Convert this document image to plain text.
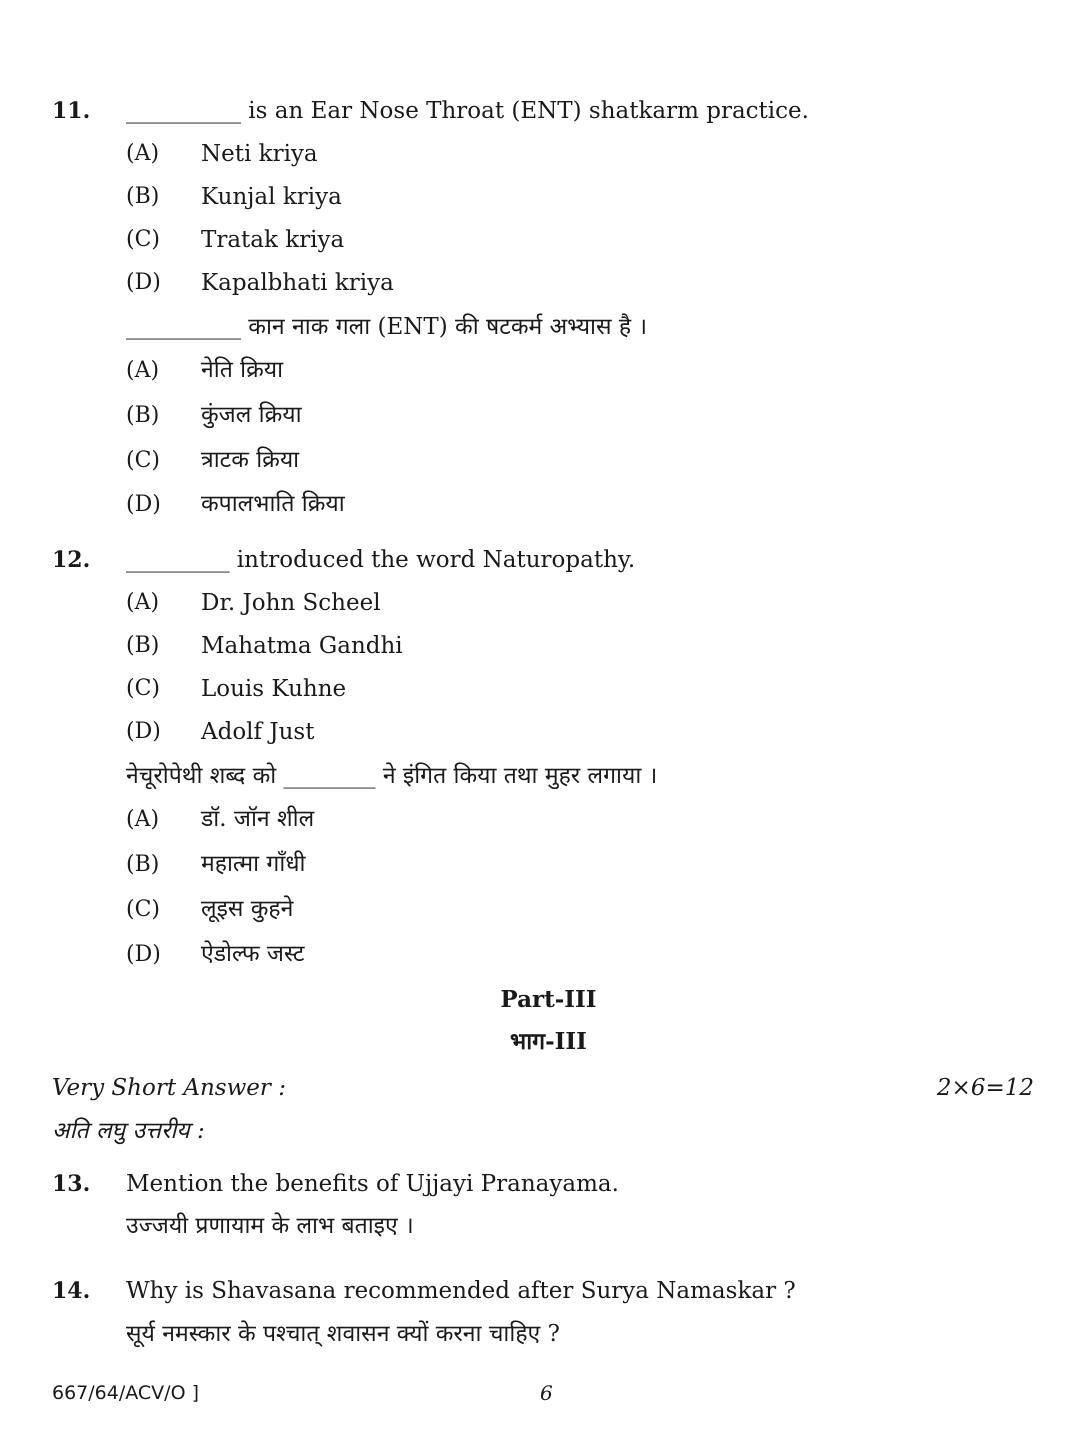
11. __________ is an Ear Nose Throat (ENT) shatkarm practice.
(A) Neti kriya
(B) Kunjal kriya
(C) Tratak kriya
(D) Kapalbhati kriya
__________ कान नाक गला (ENT) की षटकर्म अभ्यास है ।
(A) नेति क्रिया
(B) कुंजल क्रिया
(C) त्राटक क्रिया
(D) कपालभाति क्रिया
12. _________ introduced the word Naturopathy.
(A) Dr. John Scheel
(B) Mahatma Gandhi
(C) Louis Kuhne
(D) Adolf Just
नेचूरोपेथी शब्द को ________ ने इंगित किया तथा मुहर लगाया ।
(A) डॉ. जॉन शील
(B) महात्मा गाँधी
(C) लूइस कुहने
(D) ऐडोल्फ जस्ट
Part-III
भाग-III
Very Short Answer :	2×6=12
अति लघु उत्तरीय :
13. Mention the benefits of Ujjayi Pranayama.
उज्जयी प्रणायाम के लाभ बताइए ।
14. Why is Shavasana recommended after Surya Namaskar ?
सूर्य नमस्कार के पश्चात् शवासन क्यों करना चाहिए ?
667/64/ACV/O ]	6
